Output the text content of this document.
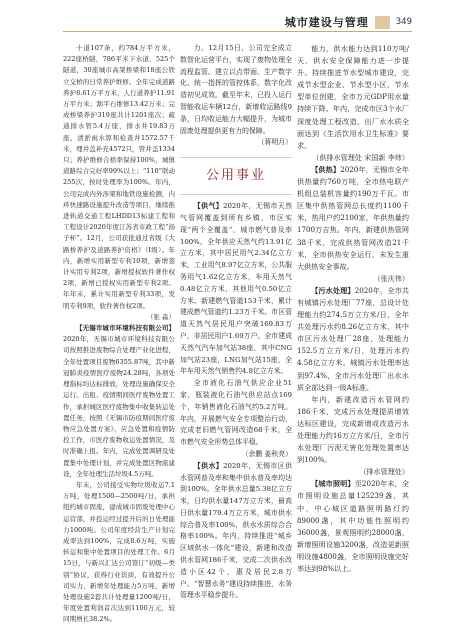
城市建设与管理	349

十道107条，约784万平方米，222座桥隧，786平米下水道，525个隧道，30座城市高架桥梁和18座公铁立交桥的日常养护维修。全年完成道路养护8.61万平方米，人行道养护11.91万平方米；割平石维修13.42万米；完成桥梁养护319座共计1201座次；疏通排水管5.4万座，排水井19.83万座，清淤雨水箅和检查井1572.57千米，埋井盖补充4572只，管井盖1334只；养护维修合格率保持100%，城镇道路综合完好率99%以上；“110”联动255次，按时处理率为100%。年内，公司完成内外涉架和地铁设施检测，内环快速路设施提升改造等项目，继续推进轨道交通工程LHDD13标建工程和工程设计2020年度江苏省市政工程“扬子杯”。12月，公司获批通过省级《大路桥养护及道路养护资格》（I级）。年内，新增实用新型专利10项，新增签计实用专利2项，新增授权软件著作权2项，新增已授权实用新型专利2项。年年末，累计实用新型专利33项，发明专利9项，软件著作权2项。

（张 淼）

【无锡市城市环境科技有限公司】2020年，无锡市城市环境科技有限公司按照推进废物综合处理产业化进程，全年处置项目废物6355.87吨，其中新冠肺炎疫情医疗废物24.28吨，各项处理指标均达标排放，处理设施确保安全运行。出租、疫情期间医疗废物处置工作，承担城区医疗废物集中收集转运处置任务，按照《无锡市防疫期间医疗废物应急处置方案》，应急处置和疫情防控工作，市医疗废物收运处置情况，及时准确上报。年内，完成处置调研及处置集中处理计划，并完成处置区物流建设，全年处理生活垃圾4.5万吨。

年末，公司接受实物垃圾收运7.1万吨，处理1500—2500吨/日，承担纽约城市固废，建成城市固废处理中心运营部，并投运经过提升后的日处理能力1000吨。公司年度经营生产计划完成率达到100%，完成8.6万吨，实施转运和集中处置项目的处理工作。6月15日，与新兴汇达公司签订“初级—类别”协议，获得行业资质，有效提升公司实力，新增年处理能力5万吨，新增处理设施2套共计处理量1200吨/日，年度处置利润首次达到1100万元，较同期增长38.2%。

力。12月15日，公司完全成立数智化运营平台，实现了废物处理全流程监管。建立以点带面、生产数字化、统一指挥的管控体系，数字化改造初见成效。截至年末，已投入运行智能收运车辆12台，新增收运路线9条，日均收运能力大幅提升，为城市固废处理提供更有力的保障。

（蒋明月）

公用事业

【供气】2020年，无锡市天然气管网覆盖到所有乡镇，市区实现“两个全覆盖”，城市燃气普及率100%。全年供应天然气约13.91亿立方米，其中居民用气2.34亿立方米，工业用气8.97亿立方米，公共服务用气1.62亿立方米，车用天然气0.48亿立方米，其他用气0.50亿立方米。新建燃气管道153千米，累计建成燃气管道约1.23万千米。市区管道天然气居民用户突破169.83万户，非居民用户1.69万户。全市建成天然气汽车加气站38座，其中CNG加气站23座，LNG加气站15座，全年车用天然气销售约4.8亿立方米。

全市液化石油气供应企业51家，瓶装液化石油气供应站点169个，年销售液化石油气约5.2万吨。年内，开展燃气安全专项整治行动，完成老旧燃气管网改造68千米，全市燃气安全形势总体平稳。

（余鹏 姜秋亮）

【供水】2020年，无锡市区供水管网普及率和集中供水普及率均达到100%。全年供水总量5.38亿立方米，日均供水量147万立方米，最高日供水量179.4万立方米，城市供水综合普及率100%，供水水质综合合格率100%。年内，持续推进“城乡区域供水一体化”建设，新建和改造供水管网186千米，完成二次供水改造小区42个，惠及居民2.8万户。“智慧水务”建设持续推进，水务管理水平稳步提升。

能力，供水能力达到110万吨/天，供水安全保障能力进一步提升。持续推进节水型城市建设，完成节水型企业、节水型小区、节水型单位创建，全市万元GDP用水量持续下降。年内，完成市区3个水厂深度处理工程改造，出厂水水质全面达到《生活饮用水卫生标准》要求。

（供排水管理处 宋国新 李炜）

【供热】2020年，无锡市全年供热量约760万吨，全市热电联产机组总装机容量约190万千瓦。市区集中供热管网总长度约1100千米，热用户约2100家，年供热量约1700万吉焦。年内，新建供热管网38千米，完成供热管网改造21千米，全市供热安全运行，未发生重大供热安全事故。

（张庆伟）

【污水处理】2020年，全市共有城镇污水处理厂77座，总设计处理能力约274.5万立方米/日，全年共处理污水约8.26亿立方米，其中市区污水处理厂28座，处理能力152.5万立方米/日，处理污水约4.58亿立方米。城镇污水处理率达到97.4%，全市污水处理厂出水水质全部达到一级A标准。

年内，新建改造污水管网约186千米，完成污水处理提质增效达标区建设，完成新增或改造污水处理能力约16万立方米/日，全市污水处理厂污泥无害化处理处置率达到100%。

（排水管理处）

【城市照明】至2020年末，全市照明设施总量125239盏，其中，中心城区道路照明路灯约89000盏，其中功能性照明约36000盏，景观照明约28000盏，新增照明设施3200盏，改造更新照明设施4800盏，全市照明设施完好率达到98%以上。
